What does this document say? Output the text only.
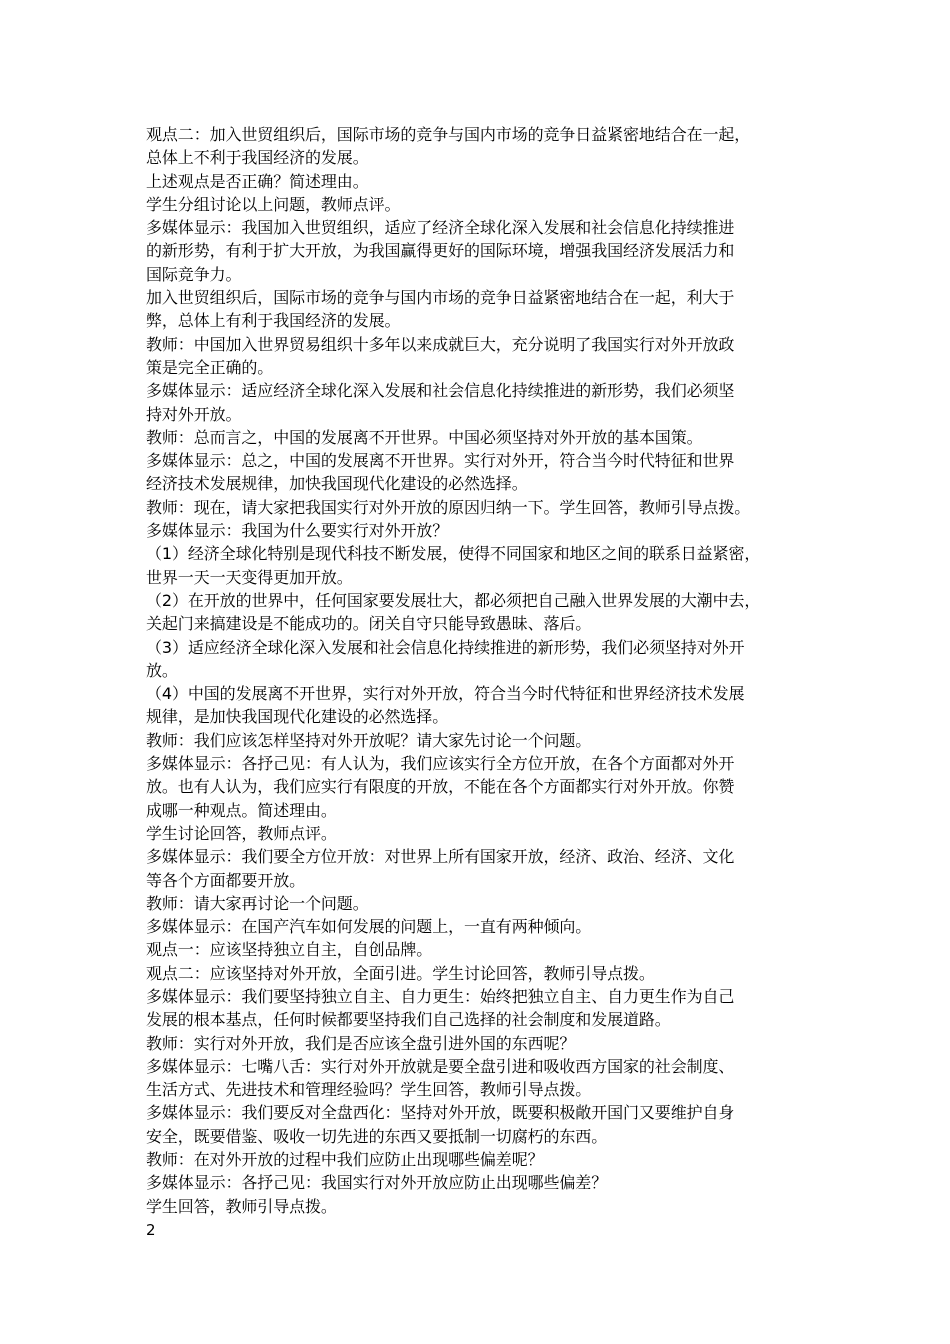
观点二：加入世贸组织后，国际市场的竞争与国内市场的竞争日益紧密地结合在一起，
总体上不利于我国经济的发展。
上述观点是否正确？简述理由。
学生分组讨论以上问题，教师点评。
多媒体显示：我国加入世贸组织，适应了经济全球化深入发展和社会信息化持续推进
的新形势，有利于扩大开放，为我国赢得更好的国际环境，增强我国经济发展活力和
国际竞争力。
加入世贸组织后，国际市场的竞争与国内市场的竞争日益紧密地结合在一起，利大于
弊，总体上有利于我国经济的发展。
教师：中国加入世界贸易组织十多年以来成就巨大，充分说明了我国实行对外开放政
策是完全正确的。
多媒体显示：适应经济全球化深入发展和社会信息化持续推进的新形势，我们必须坚
持对外开放。
教师：总而言之，中国的发展离不开世界。中国必须坚持对外开放的基本国策。
多媒体显示：总之，中国的发展离不开世界。实行对外开，符合当今时代特征和世界
经济技术发展规律，加快我国现代化建设的必然选择。
教师：现在，请大家把我国实行对外开放的原因归纳一下。学生回答，教师引导点拨。
多媒体显示：我国为什么要实行对外开放？
（1）经济全球化特别是现代科技不断发展，使得不同国家和地区之间的联系日益紧密，
世界一天一天变得更加开放。
（2）在开放的世界中，任何国家要发展壮大，都必须把自己融入世界发展的大潮中去，
关起门来搞建设是不能成功的。闭关自守只能导致愚昧、落后。
（3）适应经济全球化深入发展和社会信息化持续推进的新形势，我们必须坚持对外开
放。
（4）中国的发展离不开世界，实行对外开放，符合当今时代特征和世界经济技术发展
规律，是加快我国现代化建设的必然选择。
教师：我们应该怎样坚持对外开放呢？请大家先讨论一个问题。
多媒体显示：各抒己见：有人认为，我们应该实行全方位开放，在各个方面都对外开
放。也有人认为，我们应实行有限度的开放，不能在各个方面都实行对外开放。你赞
成哪一种观点。简述理由。
学生讨论回答，教师点评。
多媒体显示：我们要全方位开放：对世界上所有国家开放，经济、政治、经济、文化
等各个方面都要开放。
教师：请大家再讨论一个问题。
多媒体显示：在国产汽车如何发展的问题上，一直有两种倾向。
观点一：应该坚持独立自主，自创品牌。
观点二：应该坚持对外开放，全面引进。学生讨论回答，教师引导点拨。
多媒体显示：我们要坚持独立自主、自力更生：始终把独立自主、自力更生作为自己
发展的根本基点，任何时候都要坚持我们自己选择的社会制度和发展道路。
教师：实行对外开放，我们是否应该全盘引进外国的东西呢？
多媒体显示：七嘴八舌：实行对外开放就是要全盘引进和吸收西方国家的社会制度、
生活方式、先进技术和管理经验吗？学生回答，教师引导点拨。
多媒体显示：我们要反对全盘西化：坚持对外开放，既要积极敞开国门又要维护自身
安全，既要借鉴、吸收一切先进的东西又要抵制一切腐朽的东西。
教师：在对外开放的过程中我们应防止出现哪些偏差呢？
多媒体显示：各抒己见：我国实行对外开放应防止出现哪些偏差？
学生回答，教师引导点拨。
2
